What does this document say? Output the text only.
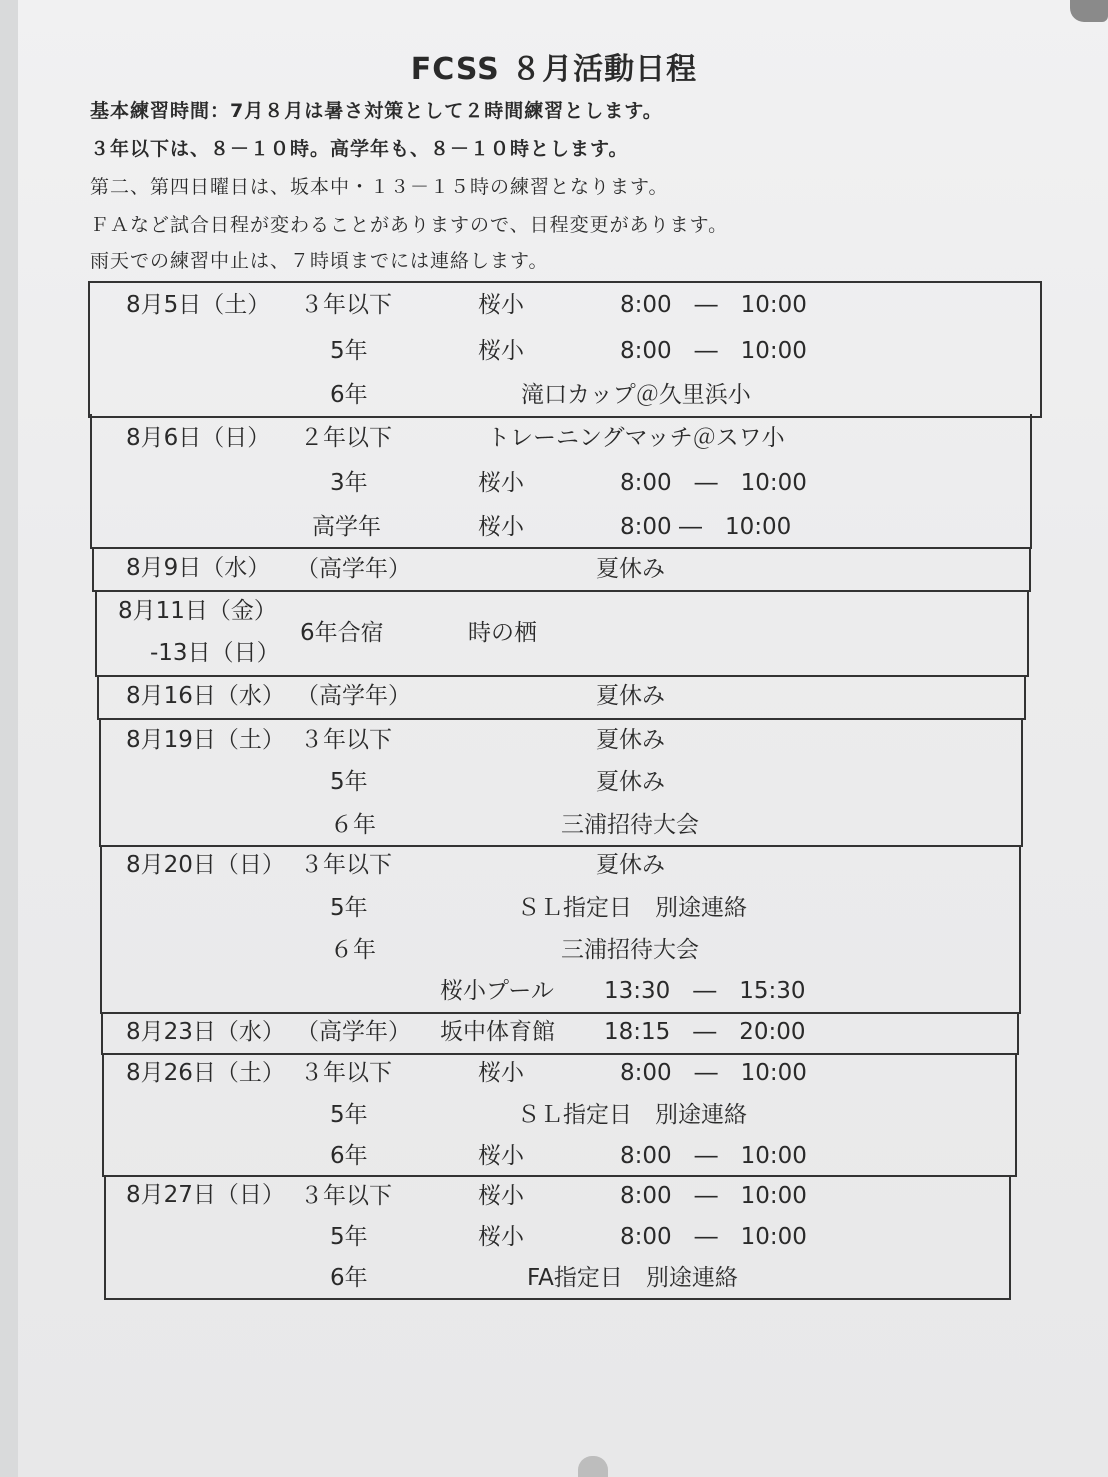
FCSS ８月活動日程
基本練習時間：7月８月は暑さ対策として２時間練習とします。
３年以下は、８－１０時。高学年も、８－１０時とします。
第二、第四日曜日は、坂本中・１３－１５時の練習となります。
ＦＡなど試合日程が変わることがありますので、日程変更があります。
雨天での練習中止は、７時頃までには連絡します。
8月5日（土） ３年以下	桜小	8:00　―　10:00
5年	桜小	8:00　―　10:00
6年	滝口カップ＠久里浜小
8月6日（日） ２年以下	トレーニングマッチ＠スワ小
3年	桜小	8:00　―　10:00
高学年	桜小	8:00 ―　10:00
8月9日（水） （高学年）	夏休み
8月11日（金）
-13日（日）
6年合宿	時の栖
8月16日（水） （高学年）	夏休み
8月19日（土） ３年以下	夏休み
5年	夏休み
６年	三浦招待大会
8月20日（日） ３年以下	夏休み
5年	ＳＬ指定日　別途連絡
６年	三浦招待大会
桜小プール 13:30　―　15:30
8月23日（水） （高学年） 坂中体育館 18:15　―　20:00
8月26日（土） ３年以下	桜小	8:00　―　10:00
5年	ＳＬ指定日　別途連絡
6年	桜小	8:00　―　10:00
8月27日（日） ３年以下	桜小	8:00　―　10:00
5年	桜小	8:00　―　10:00
6年	FA指定日　別途連絡
